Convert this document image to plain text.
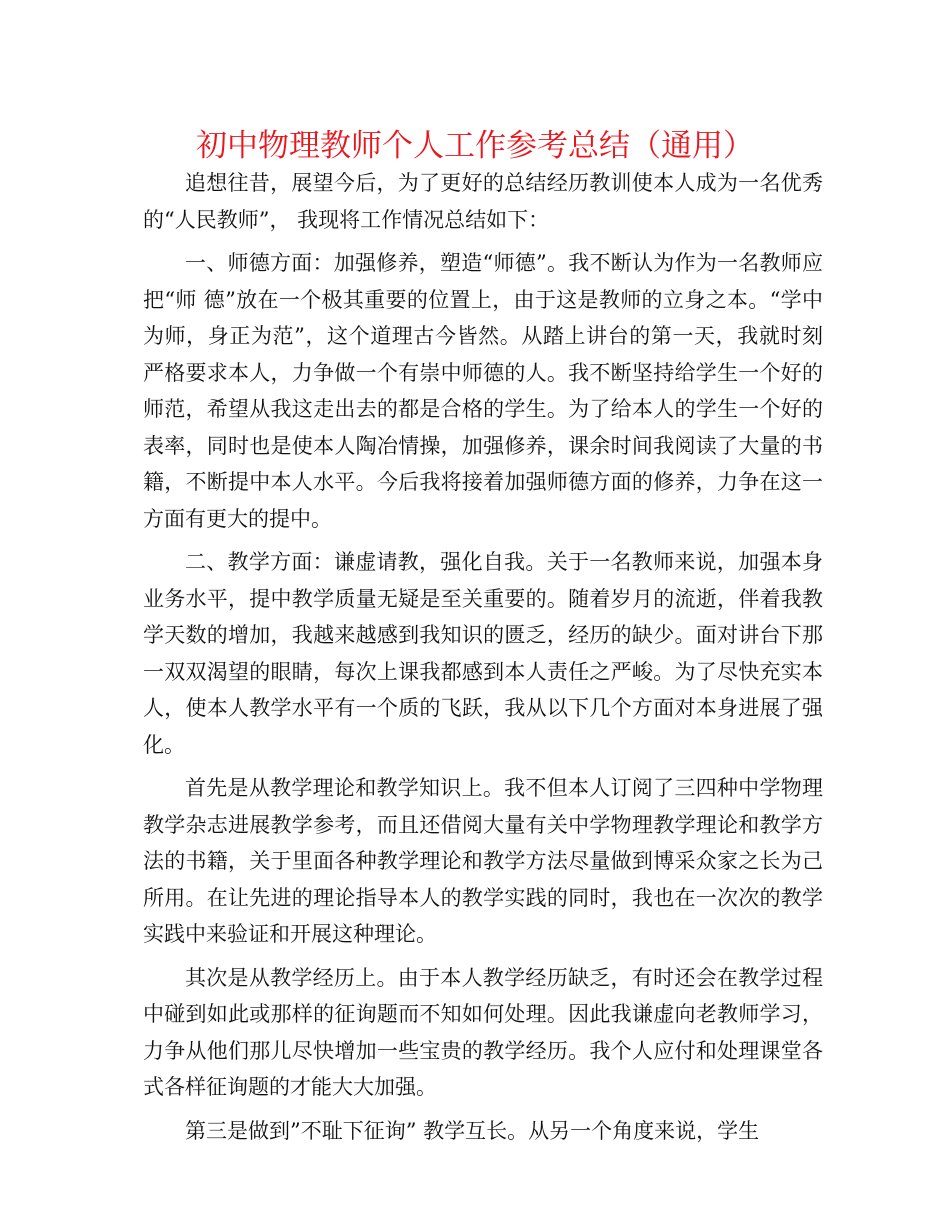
初中物理教师个人工作参考总结（通用）

追想往昔，展望今后，为了更好的总结经历教训使本人成为一名优秀的“人民教师”， 我现将工作情况总结如下：

一、师德方面：加强修养，塑造“师德”。我不断认为作为一名教师应把“师 德”放在一个极其重要的位置上，由于这是教师的立身之本。“学中为师，身正为范”，这个道理古今皆然。从踏上讲台的第一天，我就时刻严格要求本人，力争做一个有崇中师德的人。我不断坚持给学生一个好的师范，希望从我这走出去的都是合格的学生。为了给本人的学生一个好的表率，同时也是使本人陶冶情操，加强修养，课余时间我阅读了大量的书籍，不断提中本人水平。今后我将接着加强师德方面的修养，力争在这一方面有更大的提中。

二、教学方面：谦虚请教，强化自我。关于一名教师来说，加强本身业务水平，提中教学质量无疑是至关重要的。随着岁月的流逝，伴着我教学天数的增加，我越来越感到我知识的匮乏，经历的缺少。面对讲台下那一双双渴望的眼睛，每次上课我都感到本人责任之严峻。为了尽快充实本人，使本人教学水平有一个质的飞跃，我从以下几个方面对本身进展了强化。

首先是从教学理论和教学知识上。我不但本人订阅了三四种中学物理教学杂志进展教学参考，而且还借阅大量有关中学物理教学理论和教学方法的书籍，关于里面各种教学理论和教学方法尽量做到博采众家之长为己所用。在让先进的理论指导本人的教学实践的同时，我也在一次次的教学实践中来验证和开展这种理论。

其次是从教学经历上。由于本人教学经历缺乏，有时还会在教学过程中碰到如此或那样的征询题而不知如何处理。因此我谦虚向老教师学习，力争从他们那儿尽快增加一些宝贵的教学经历。我个人应付和处理课堂各式各样征询题的才能大大加强。

第三是做到”不耻下征询” 教学互长。从另一个角度来说，学生
